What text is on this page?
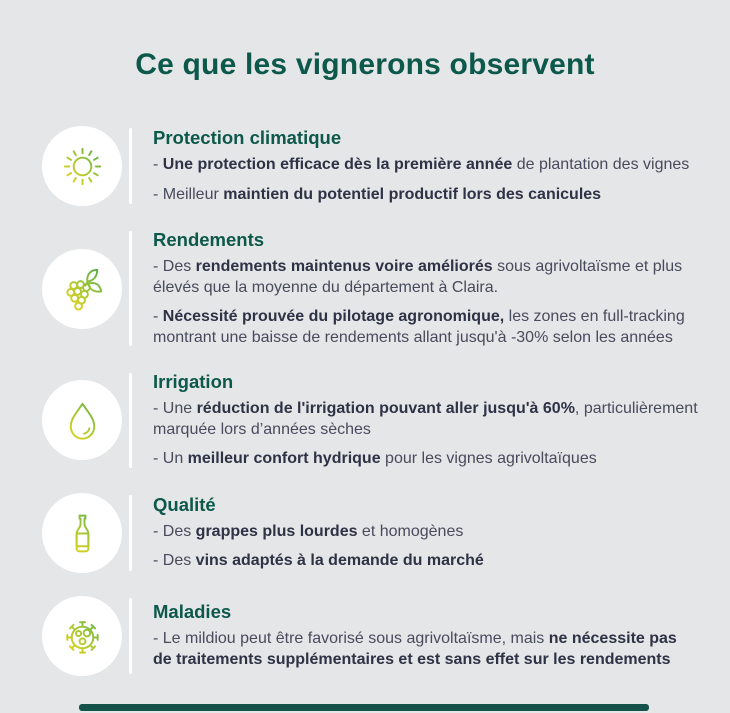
Ce que les vignerons observent
Protection climatique

- Une protection efficace dès la première année de plantation des vignes

- Meilleur maintien du potentiel productif lors des canicules

Rendements

- Des rendements maintenus voire améliorés sous agrivoltaïsme et plus élevés que la moyenne du département à Claira.

- Nécessité prouvée du pilotage agronomique, les zones en full-tracking montrant une baisse de rendements allant jusqu'à -30% selon les années

Irrigation

- Une réduction de l'irrigation pouvant aller jusqu'à 60%, particulièrement marquée lors d’années sèches

- Un meilleur confort hydrique pour les vignes agrivoltaïques

Qualité

- Des grappes plus lourdes et homogènes

- Des vins adaptés à la demande du marché

Maladies

- Le mildiou peut être favorisé sous agrivoltaïsme, mais ne nécessite pas de traitements supplémentaires et est sans effet sur les rendements
